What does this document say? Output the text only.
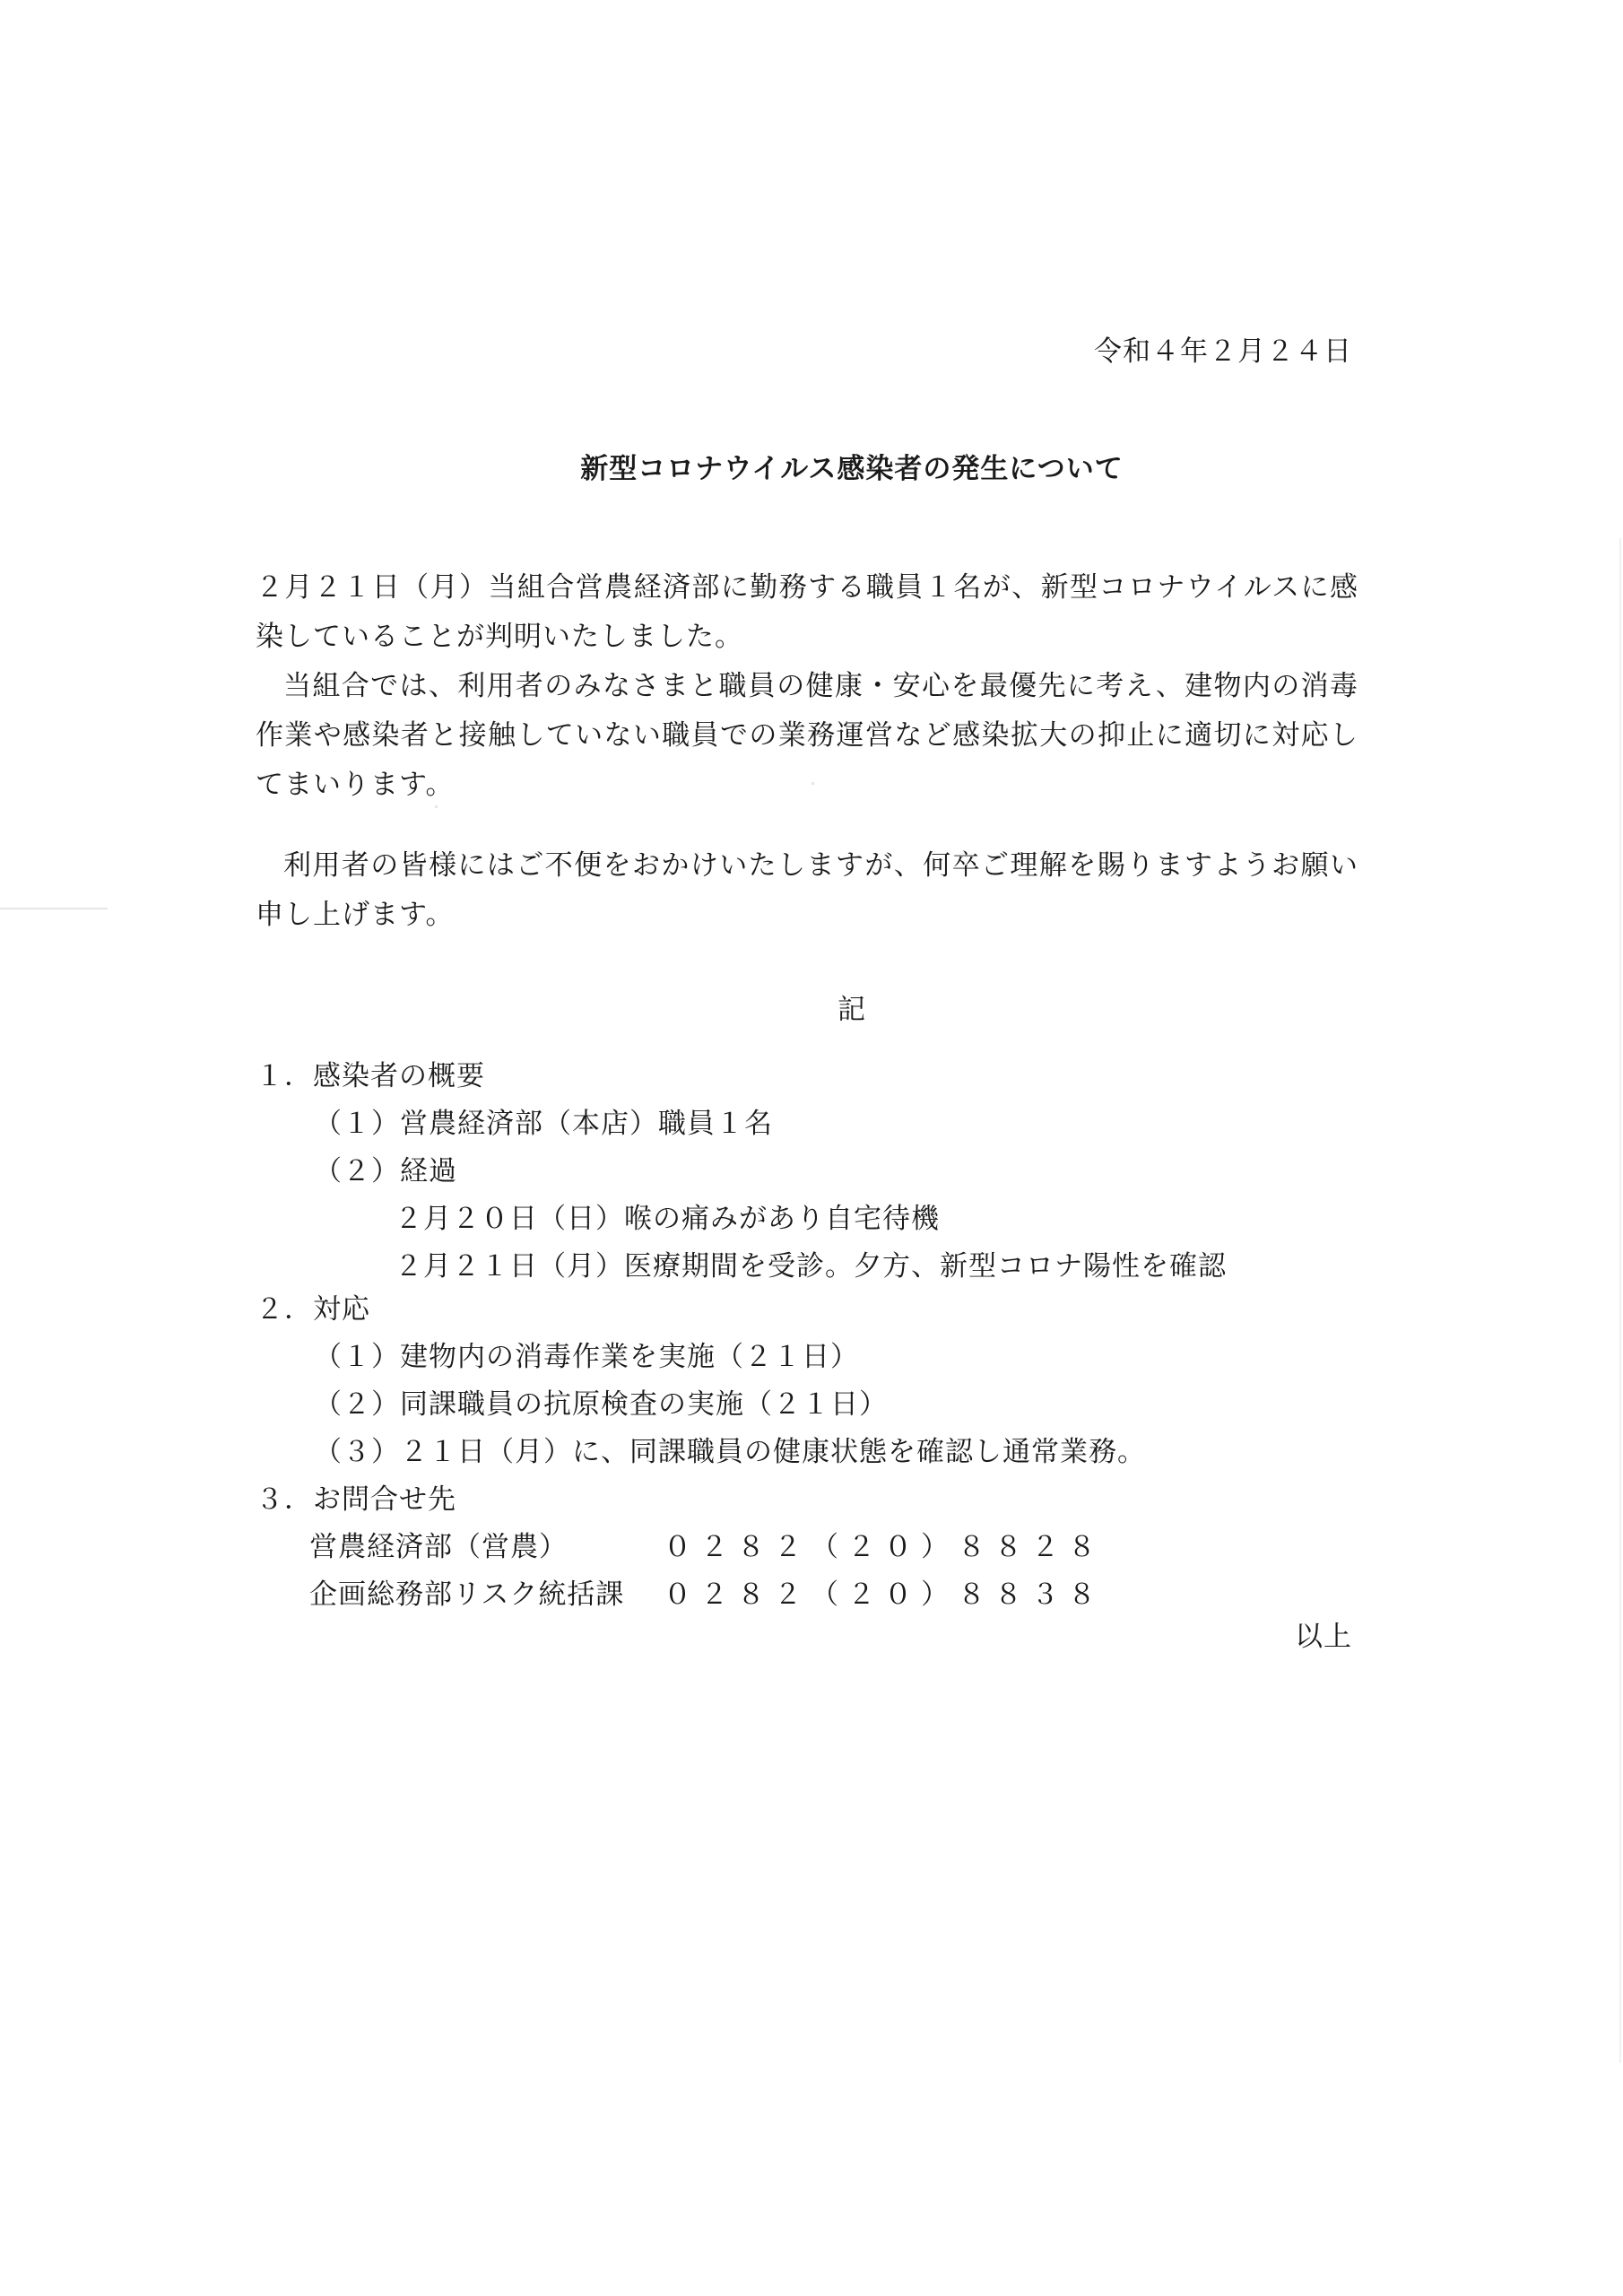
令和４年２月２４日
新型コロナウイルス感染者の発生について
２月２１日（月）当組合営農経済部に勤務する職員１名が、新型コロナウイルスに感染していることが判明いたしました。
当組合では、利用者のみなさまと職員の健康・安心を最優先に考え、建物内の消毒作業や感染者と接触していない職員での業務運営など感染拡大の抑止に適切に対応してまいります。
利用者の皆様にはご不便をおかけいたしますが、何卒ご理解を賜りますようお願い申し上げます。
記
１．感染者の概要
（１）営農経済部（本店）職員１名
（２）経過
２月２０日（日）喉の痛みがあり自宅待機
２月２１日（月）医療期間を受診。夕方、新型コロナ陽性を確認
２．対応
（１）建物内の消毒作業を実施（２１日）
（２）同課職員の抗原検査の実施（２１日）
（３）２１日（月）に、同課職員の健康状態を確認し通常業務。
３．お問合せ先
営農経済部（営農）	０２８２（２０）８８２８
企画総務部リスク統括課 ０２８２（２０）８８３８
以上
